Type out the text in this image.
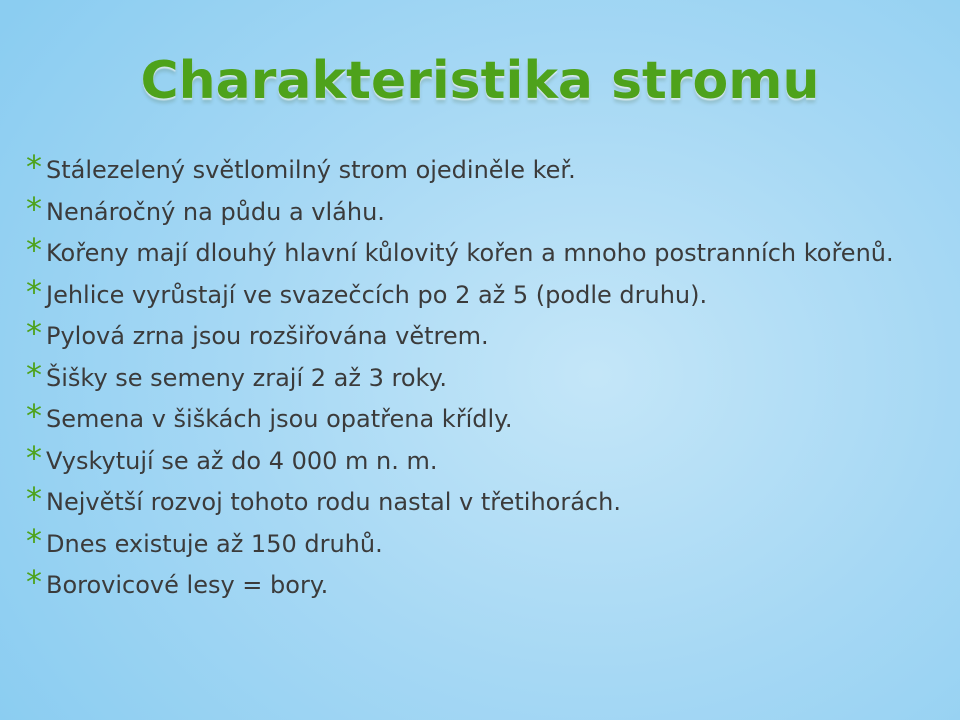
Charakteristika stromu
* Stálezelený světlomilný strom ojediněle keř.
* Nenáročný na půdu a vláhu.
* Kořeny mají dlouhý hlavní kůlovitý kořen a mnoho postranních kořenů.
* Jehlice vyrůstají ve svazečcích po 2 až 5 (podle druhu).
* Pylová zrna jsou rozšiřována větrem.
* Šišky se semeny zrají 2 až 3 roky.
* Semena v šiškách jsou opatřena křídly.
* Vyskytují se až do 4 000 m n. m.
* Největší rozvoj tohoto rodu nastal v třetihorách.
* Dnes existuje až 150 druhů.
* Borovicové lesy = bory.
